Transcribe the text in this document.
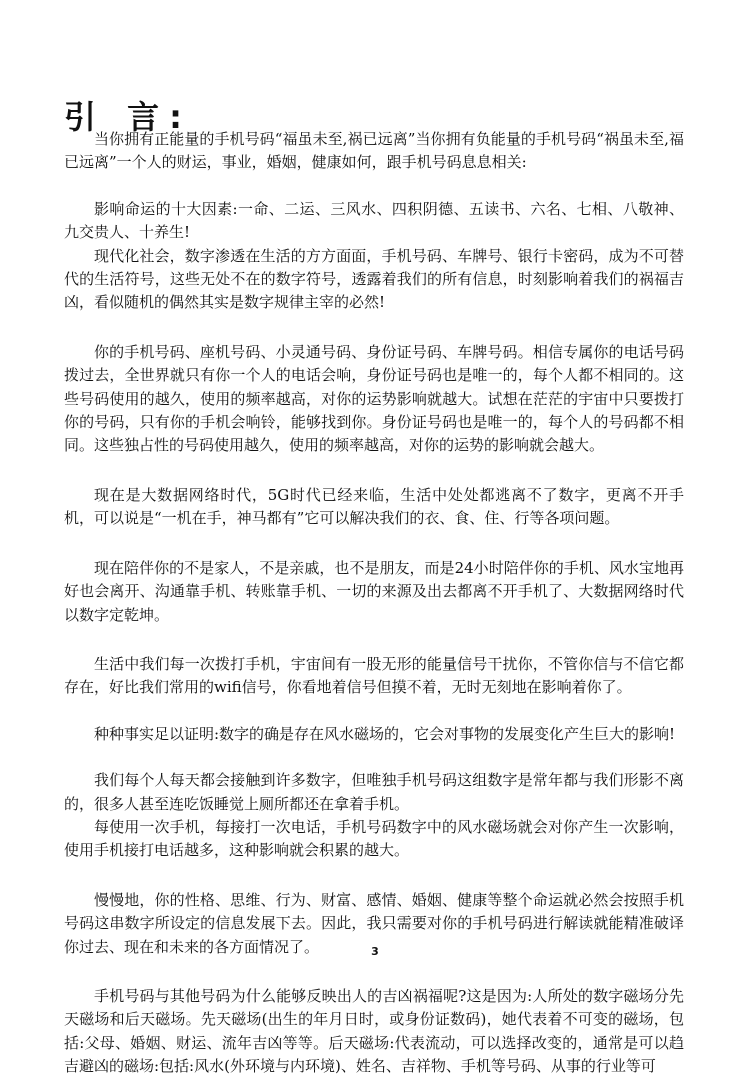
引 言:

当你拥有正能量的手机号码“福虽未至,祸已远离”当你拥有负能量的手机号码“祸虽未至,福已远离”一个人的财运，事业，婚姻，健康如何，跟手机号码息息相关:

影响命运的十大因素:一命、二运、三风水、四积阴德、五读书、六名、七相、八敬神、九交贵人、十养生!

现代化社会，数字渗透在生活的方方面面，手机号码、车牌号、银行卡密码，成为不可替代的生活符号，这些无处不在的数字符号，透露着我们的所有信息，时刻影响着我们的祸福吉凶，看似随机的偶然其实是数字规律主宰的必然!

你的手机号码、座机号码、小灵通号码、身份证号码、车牌号码。相信专属你的电话号码拨过去，全世界就只有你一个人的电话会响，身份证号码也是唯一的，每个人都不相同的。这些号码使用的越久，使用的频率越高，对你的运势影响就越大。试想在茫茫的宇宙中只要拨打你的号码，只有你的手机会响铃，能够找到你。身份证号码也是唯一的，每个人的号码都不相同。这些独占性的号码使用越久，使用的频率越高，对你的运势的影响就会越大。

现在是大数据网络时代，5G时代已经来临，生活中处处都逃离不了数字，更离不开手机，可以说是“一机在手，神马都有”它可以解决我们的衣、食、住、行等各项问题。

现在陪伴你的不是家人，不是亲戚，也不是朋友，而是24小时陪伴你的手机、风水宝地再好也会离开、沟通靠手机、转账靠手机、一切的来源及出去都离不开手机了、大数据网络时代以数字定乾坤。

生活中我们每一次拨打手机，宇宙间有一股无形的能量信号干扰你，不管你信与不信它都存在，好比我们常用的wifi信号，你看地着信号但摸不着，无时无刻地在影响着你了。

种种事实足以证明:数字的确是存在风水磁场的，它会对事物的发展变化产生巨大的影响!

我们每个人每天都会接触到许多数字，但唯独手机号码这组数字是常年都与我们形影不离的，很多人甚至连吃饭睡觉上厕所都还在拿着手机。

每使用一次手机，每接打一次电话，手机号码数字中的风水磁场就会对你产生一次影响，使用手机接打电话越多，这种影响就会积累的越大。

慢慢地，你的性格、思维、行为、财富、感情、婚姻、健康等整个命运就必然会按照手机号码这串数字所设定的信息发展下去。因此，我只需要对你的手机号码进行解读就能精准破译你过去、现在和未来的各方面情况了。

手机号码与其他号码为什么能够反映出人的吉凶祸福呢?这是因为:人所处的数字磁场分先天磁场和后天磁场。先天磁场(出生的年月日时，或身份证数码)，她代表着不可变的磁场，包括:父母、婚姻、财运、流年吉凶等等。后天磁场:代表流动，可以选择改变的，通常是可以趋吉避凶的磁场:包括:风水(外环境与内环境)、姓名、吉祥物、手机等号码、从事的行业等可

3
